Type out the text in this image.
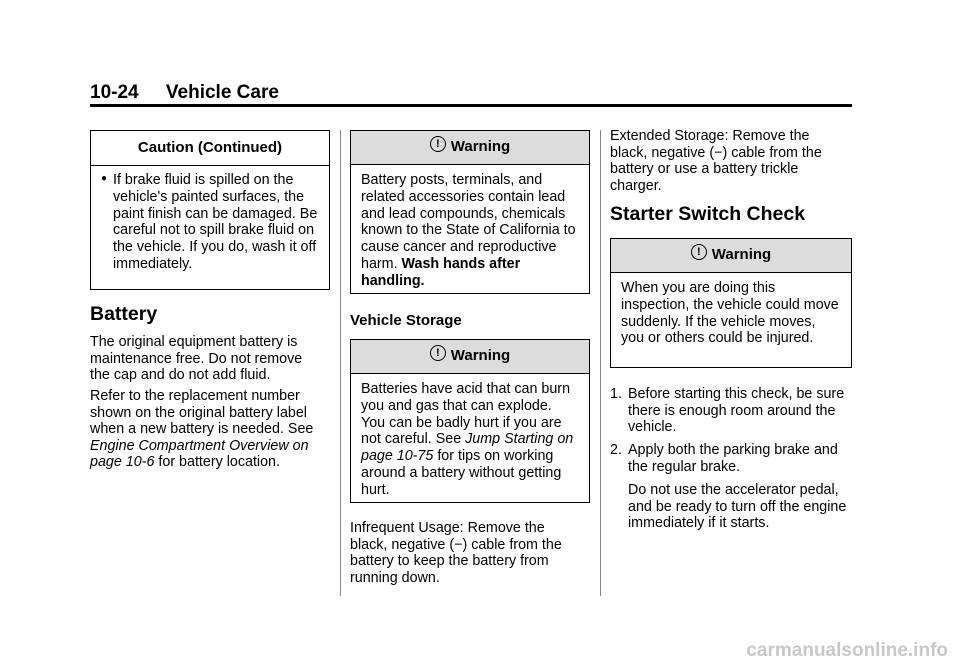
10-24 Vehicle Care
Caution (Continued)
● If brake fluid is spilled on the vehicle's painted surfaces, the paint finish can be damaged. Be careful not to spill brake fluid on the vehicle. If you do, wash it off immediately.
Battery
The original equipment battery is maintenance free. Do not remove the cap and do not add fluid.
Refer to the replacement number shown on the original battery label when a new battery is needed. See Engine Compartment Overview on page 10-6 for battery location.
! Warning
Battery posts, terminals, and related accessories contain lead and lead compounds, chemicals known to the State of California to cause cancer and reproductive harm. Wash hands after handling.
Vehicle Storage
! Warning
Batteries have acid that can burn you and gas that can explode. You can be badly hurt if you are not careful. See Jump Starting on page 10-75 for tips on working around a battery without getting hurt.
Infrequent Usage: Remove the black, negative (−) cable from the battery to keep the battery from running down.
Extended Storage: Remove the black, negative (−) cable from the battery or use a battery trickle charger.
Starter Switch Check
! Warning
When you are doing this inspection, the vehicle could move suddenly. If the vehicle moves, you or others could be injured.
1. Before starting this check, be sure there is enough room around the vehicle.
2. Apply both the parking brake and the regular brake.
Do not use the accelerator pedal, and be ready to turn off the engine immediately if it starts.
carmanualsonline.info
